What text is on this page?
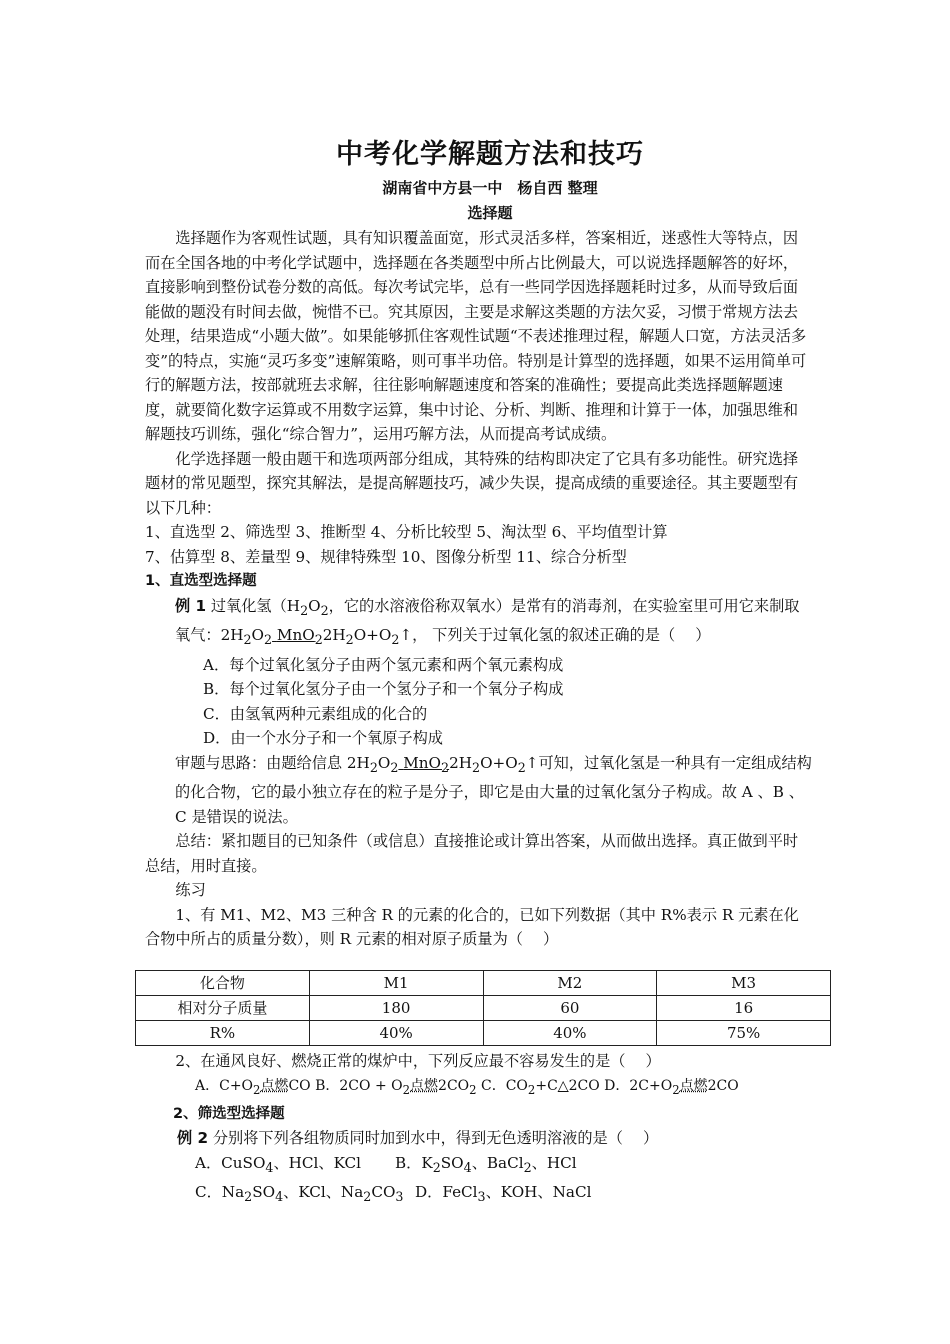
中考化学解题方法和技巧
湖南省中方县一中　杨自西 整理
选择题

选择题作为客观性试题，具有知识覆盖面宽，形式灵活多样，答案相近，迷惑性大等特点，因而在全国各地的中考化学试题中，选择题在各类题型中所占比例最大，可以说选择题解答的好坏，直接影响到整份试卷分数的高低。每次考试完毕，总有一些同学因选择题耗时过多，从而导致后面能做的题没有时间去做，惋惜不已。究其原因，主要是求解这类题的方法欠妥，习惯于常规方法去处理，结果造成“小题大做”。如果能够抓住客观性试题“不表述推理过程，解题人口宽，方法灵活多变”的特点，实施“灵巧多变”速解策略，则可事半功倍。特别是计算型的选择题，如果不运用简单可行的解题方法，按部就班去求解，往往影响解题速度和答案的准确性；要提高此类选择题解题速度，就要简化数字运算或不用数字运算，集中讨论、分析、判断、推理和计算于一体，加强思维和解题技巧训练，强化“综合智力”，运用巧解方法，从而提高考试成绩。

化学选择题一般由题干和选项两部分组成，其特殊的结构即决定了它具有多功能性。研究选择题材的常见题型，探究其解法，是提高解题技巧，减少失误，提高成绩的重要途径。其主要题型有以下几种：

1、直选型 2、筛选型 3、推断型 4、分析比较型 5、淘汰型 6、平均值型计算

7、估算型 8、差量型 9、规律特殊型 10、图像分析型 11、综合分析型

1、直选型选择题

例 1 过氧化氢（$H_2O_2$，它的水溶液俗称双氧水）是常有的消毒剂，在实验室里可用它来制取氧气：$2H_2O_2$ $MnO_22H_2O+O_2↑$， 下列关于过氧化氢的叙述正确的是（　 ）

A．每个过氧化氢分子由两个氢元素和两个氧元素构成

B．每个过氧化氢分子由一个氢分子和一个氧分子构成

C．由氢氧两种元素组成的化合的

D．由一个水分子和一个氧原子构成

审题与思路：由题给信息 $2H_2O_2$ $MnO_22H_2O+O_2↑$可知，过氧化氢是一种具有一定组成结构的化合物，它的最小独立存在的粒子是分子，即它是由大量的过氧化氢分子构成。故 A 、B 、C 是错误的说法。

总结：紧扣题目的已知条件（或信息）直接推论或计算出答案，从而做出选择。真正做到平时总结，用时直接。

练习

1、有 M1、M2、M3 三种含 R 的元素的化合的，已如下列数据（其中 R%表示 R 元素在化合物中所占的质量分数），则 R 元素的相对原子质量为（　 ）

化合物	M1	M2	M3
相对分子质量	180	60	16
R%	40%	40%	75%

2、在通风良好、燃烧正常的煤炉中，下列反应最不容易发生的是（　 ）

A．$C+O_2$点燃CO B．$2CO + O_2$点燃$2CO_2$ C．$CO_2+C\triangle 2CO$ D．$2C+O_2$点燃2CO

2、筛选型选择题

例 2 分别将下列各组物质同时加到水中，得到无色透明溶液的是（　 ）

A．CuSO$_4$、HCl、KCl B．$K_2SO_4$、BaCl$_2$、HCl

C．$Na_2SO_4$、KCl、$Na_2CO_3$ D．FeCl$_3$、KOH、NaCl
